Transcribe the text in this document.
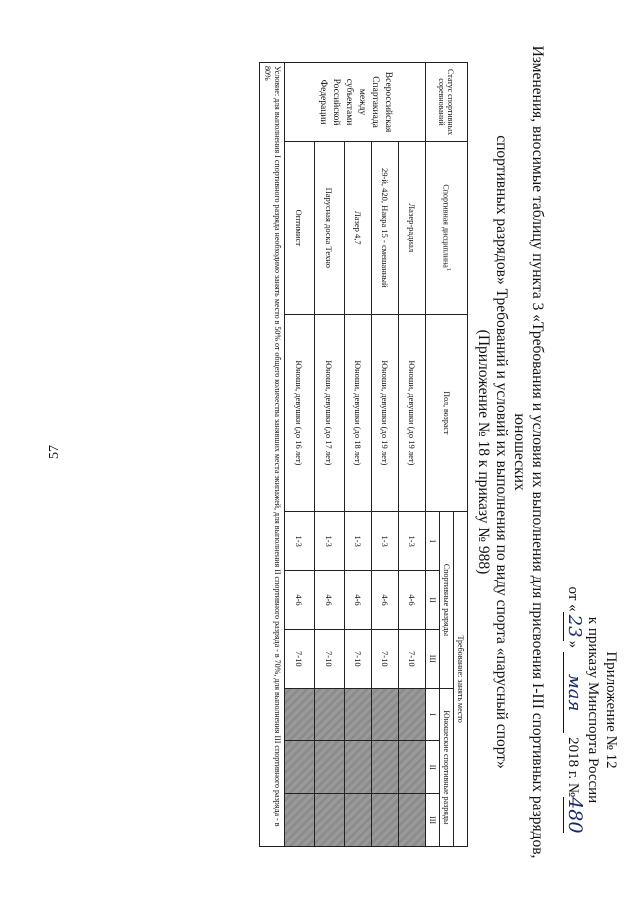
57
Приложение № 12
к приказу Минспорта России
от «23» мая 2018 г. №480
Изменения, вносимые таблицу пункта 3 «Требования и условия их выполнения для присвоения I-III спортивных разрядов, юношеских
спортивных разрядов» Требований и условий их выполнения по виду спорта «парусный спорт»
(Приложение № 18 к приказу № 988)
Статус спортивных соревнований	Спортивная дисциплина$^1$	Пол, возраст	Требование: занять место					
			Спортивные разряды			Юношеские спортивные разряды		
			I	II	III	I	II	III
Всероссийская Спартакиада между субъектами Российской Федерации	Лазер-радиал	Юноши, девушки (до 19 лет)	1-3	4-6	7-10			
	29-й, 420, Накра 15 - смешанный	Юноши, девушки (до 19 лет)	1-3	4-6	7-10			
	Лазер 4,7	Юноши, девушки (до 18 лет)	1-3	4-6	7-10			
	Парусная доска Техно	Юноши, девушки (до 17 лет)	1-3	4-6	7-10			
	Оптимист	Юноши, девушки (до 16 лет)	1-3	4-6	7-10			
Условие: для выполнения I спортивного разряда необходимо занять место в 50% от общего количества занявших места экипажей, для выполнения II спортивного разряда - в 70%, для выполнения III спортивного разряда - в 80%								
